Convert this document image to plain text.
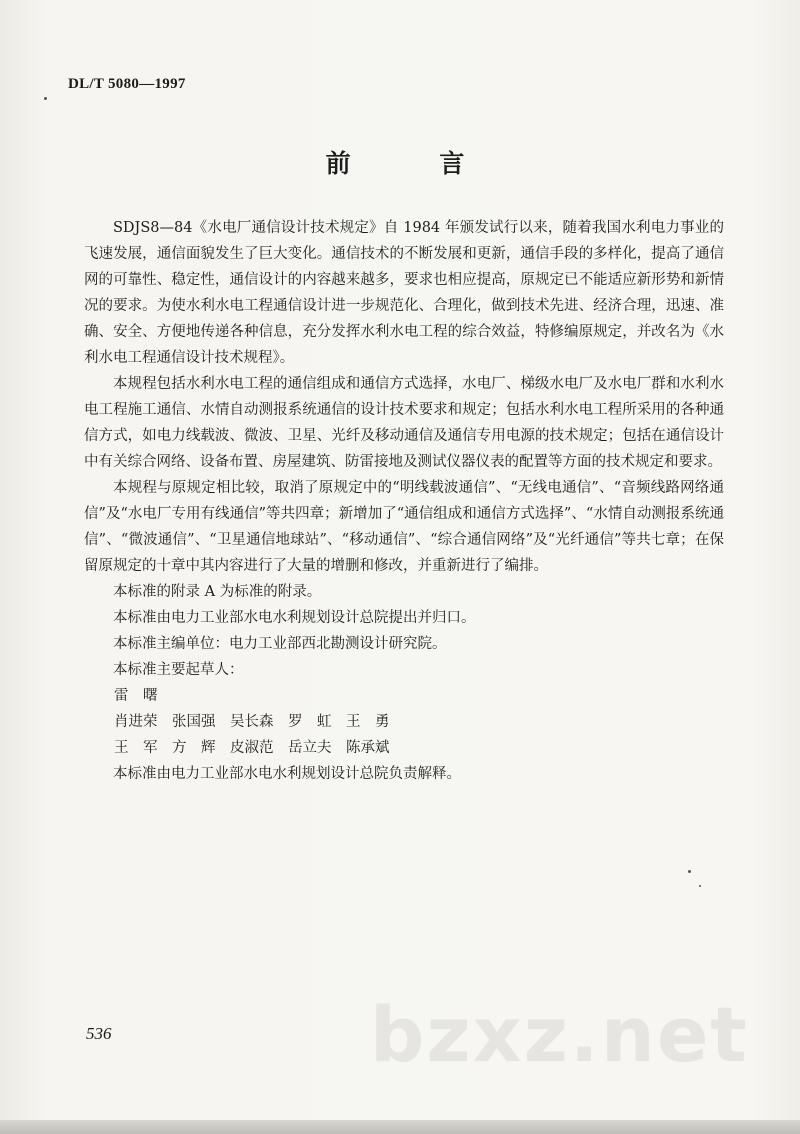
DL/T 5080—1997
前 言

SDJS8—84《水电厂通信设计技术规定》自 1984 年颁发试行以来，随着我国水利电力事业的飞速发展，通信面貌发生了巨大变化。通信技术的不断发展和更新，通信手段的多样化，提高了通信网的可靠性、稳定性，通信设计的内容越来越多，要求也相应提高，原规定已不能适应新形势和新情况的要求。为使水利水电工程通信设计进一步规范化、合理化，做到技术先进、经济合理，迅速、准确、安全、方便地传递各种信息，充分发挥水利水电工程的综合效益，特修编原规定，并改名为《水利水电工程通信设计技术规程》。

本规程包括水利水电工程的通信组成和通信方式选择，水电厂、梯级水电厂及水电厂群和水利水电工程施工通信、水情自动测报系统通信的设计技术要求和规定；包括水利水电工程所采用的各种通信方式，如电力线载波、微波、卫星、光纤及移动通信及通信专用电源的技术规定；包括在通信设计中有关综合网络、设备布置、房屋建筑、防雷接地及测试仪器仪表的配置等方面的技术规定和要求。

本规程与原规定相比较，取消了原规定中的“明线载波通信”、“无线电通信”、“音频线路网络通信”及“水电厂专用有线通信”等共四章；新增加了“通信组成和通信方式选择”、“水情自动测报系统通信”、“微波通信”、“卫星通信地球站”、“移动通信”、“综合通信网络”及“光纤通信”等共七章；在保留原规定的十章中其内容进行了大量的增删和修改，并重新进行了编排。

本标准的附录 A 为标准的附录。

本标准由电力工业部水电水利规划设计总院提出并归口。

本标准主编单位：电力工业部西北勘测设计研究院。

本标准主要起草人：

雷　曙

肖进荣　张国强　吴长森　罗　虹　王　勇

王　军　方　辉　皮淑范　岳立夫　陈承斌

本标准由电力工业部水电水利规划设计总院负责解释。

bzxz.net
536
